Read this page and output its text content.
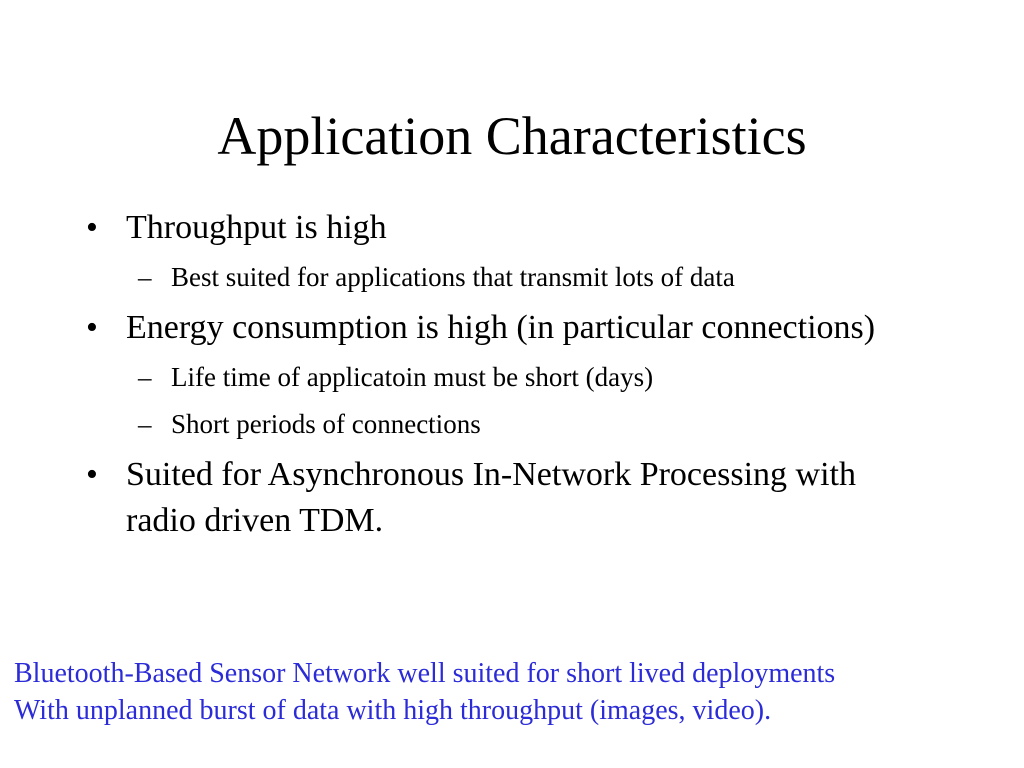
Application Characteristics
• Throughput is high
– Best suited for applications that transmit lots of data
• Energy consumption is high (in particular connections)
– Life time of applicatoin must be short (days)
– Short periods of connections
• Suited for Asynchronous In-Network Processing with radio driven TDM.
Bluetooth-Based Sensor Network well suited for short lived deployments
With unplanned burst of data with high throughput (images, video).
